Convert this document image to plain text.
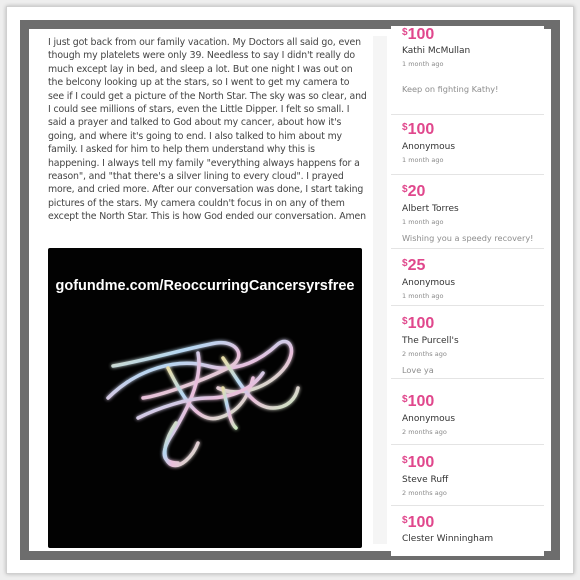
I just got back from our family vacation. My Doctors all said go, even though my platelets were only 39. Needless to say I didn't really do much except lay in bed, and sleep a lot. But one night I was out on the belcony looking up at the stars, so I went to get my camera to see if I could get a picture of the North Star. The sky was so clear, and I could see millions of stars, even the Little Dipper. I felt so small. I said a prayer and talked to God about my cancer, about how it's going, and where it's going to end. I also talked to him about my family. I asked for him to help them understand why this is happening. I always tell my family "everything always happens for a reason", and "that there's a silver lining to every cloud". I prayed more, and cried more. After our conversation was done, I start taking pictures of the stars. My camera couldn't focus in on any of them except the North Star. This is how God ended our conversation. Amen
gofundme.com/ReoccurringCancersyrsfree
$100
Kathi McMullan
1 month ago
Keep on fighting Kathy!
$100
Anonymous
1 month ago
$20
Albert Torres
1 month ago
Wishing you a speedy recovery!
$25
Anonymous
1 month ago
$100
The Purcell's
2 months ago
Love ya
$100
Anonymous
2 months ago
$100
Steve Ruff
2 months ago
$100
Clester Winningham
